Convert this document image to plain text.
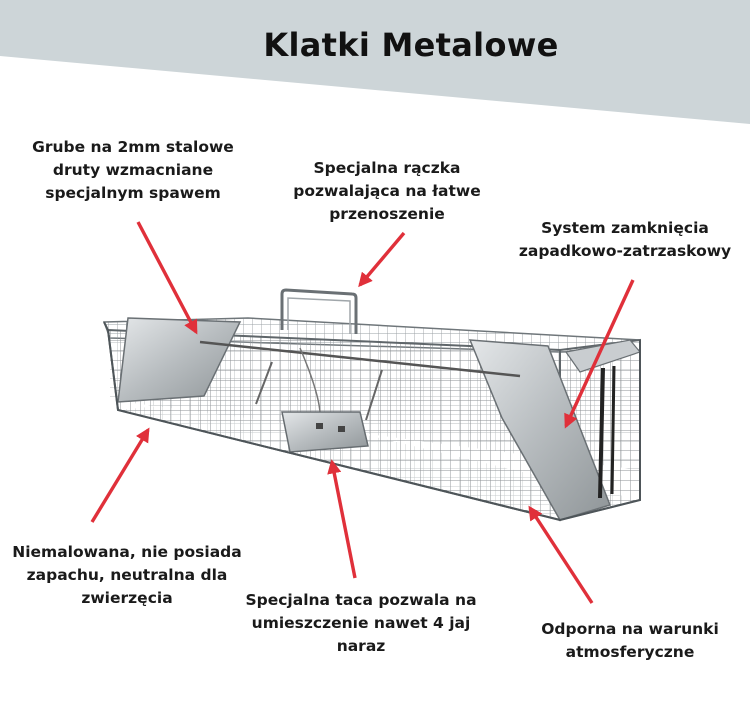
Klatki Metalowe
Grube na 2mm stalowe
druty wzmacniane
specjalnym spawem
Specjalna rączka
pozwalająca na łatwe
przenoszenie
System zamknięcia
zapadkowo-zatrzaskowy
Niemalowana, nie posiada
zapachu, neutralna dla
zwierzęcia	Specjalna taca pozwala na
umieszczenie nawet 4 jaj
naraz
Odporna na warunki
atmosferyczne
